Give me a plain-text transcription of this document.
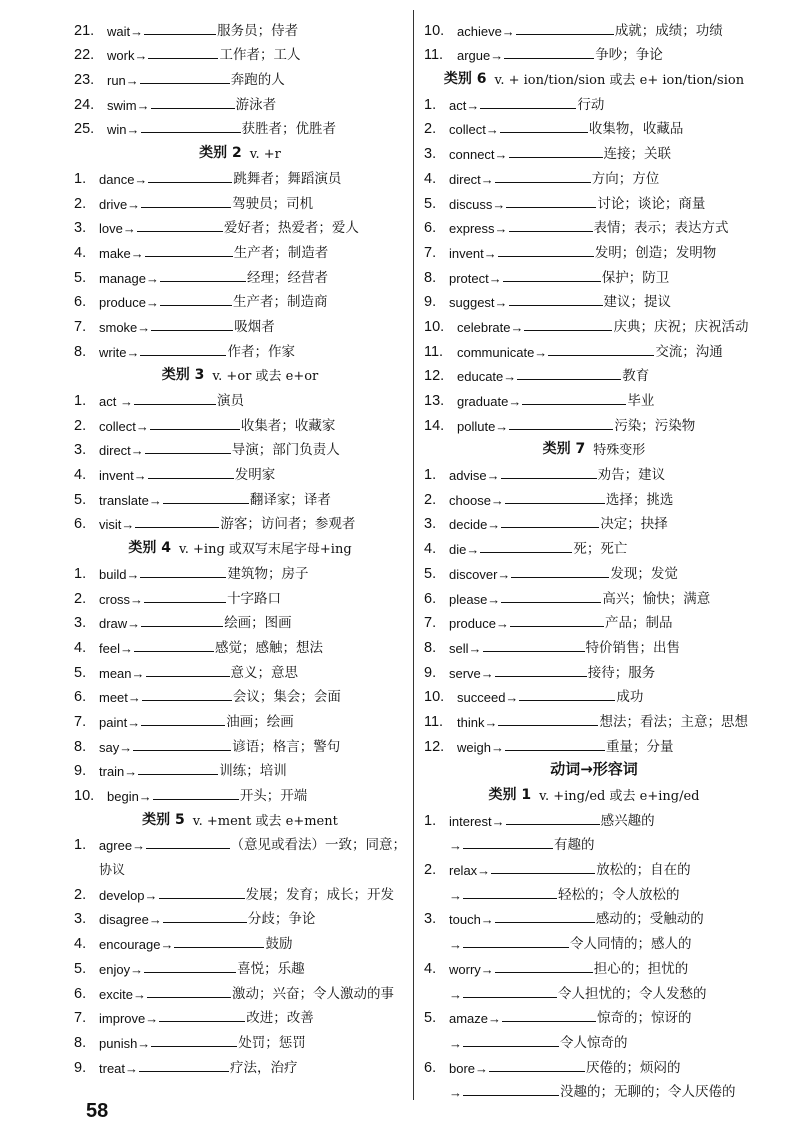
21. wait→	服务员；侍者
22. work→	工作者；工人
23. run→	奔跑的人
24. swim→	游泳者
25. win→	获胜者；优胜者
类别 2 v. +r
1. dance→	跳舞者；舞蹈演员
2. drive→	驾驶员；司机
3. love→	爱好者；热爱者；爱人
4. make→	生产者；制造者
5. manage→	经理；经营者
6. produce→	生产者；制造商
7. smoke→	吸烟者
8. write→	作者；作家
类别 3 v. +or 或去 e+or
1. act →	演员
2. collect→	收集者；收藏家
3. direct→	导演；部门负责人
4. invent→	发明家
5. translate→	翻译家；译者
6. visit→	游客；访问者；参观者
类别 4 v. +ing 或双写末尾字母+ing
1. build→	建筑物；房子
2. cross→	十字路口
3. draw→	绘画；图画
4. feel→	感觉；感触；想法
5. mean→	意义；意思
6. meet→	会议；集会；会面
7. paint→	油画；绘画
8. say→	谚语；格言；警句
9. train→	训练；培训
10. begin→	开头；开端
类别 5 v. +ment 或去 e+ment
1. agree→	（意见或看法）一致；同意；
协议
2. develop→	发展；发育；成长；开发
3. disagree→	分歧；争论
4. encourage→	鼓励
5. enjoy→	喜悦；乐趣
6. excite→	激动；兴奋；令人激动的事
7. improve→	改进；改善
8. punish→	处罚；惩罚
9. treat→	疗法，治疗
10. achieve→	成就；成绩；功绩
11.	argue→	争吵；争论
类别 6 v. + ion/tion/sion 或去 e+ ion/tion/sion
1. act→	行动
2. collect→	收集物，收藏品
3. connect→	连接；关联
4. direct→	方向；方位
5. discuss→	讨论；谈论；商量
6. express→	表情；表示；表达方式
7. invent→	发明；创造；发明物
8. protect→	保护；防卫
9. suggest→	建议；提议
10. celebrate→	庆典；庆祝；庆祝活动
11.	communicate→	交流；沟通
12. educate→	教育
13. graduate→	毕业
14. pollute→	污染；污染物
类别 7 特殊变形
1. advise→	劝告；建议
2. choose→	选择；挑选
3. decide→	决定；抉择
4. die→	死；死亡
5. discover→	发现；发觉
6. please→	高兴；愉快；满意
7. produce→	产品；制品
8. sell→	特价销售；出售
9. serve→	接待；服务
10. succeed→	成功
11.	think→	想法；看法；主意；思想
12. weigh→	重量；分量
动词→形容词
类别 1 v. +ing/ed 或去 e+ing/ed
1. interest→	感兴趣的
→	有趣的
2. relax→	放松的；自在的
→	轻松的；令人放松的
3. touch→	感动的；受触动的
→	令人同情的；感人的
4. worry→	担心的；担忧的
→	令人担忧的；令人发愁的
5. amaze→	惊奇的；惊讶的
→	令人惊奇的
6. bore→	厌倦的；烦闷的
→	没趣的；无聊的；令人厌倦的
58
